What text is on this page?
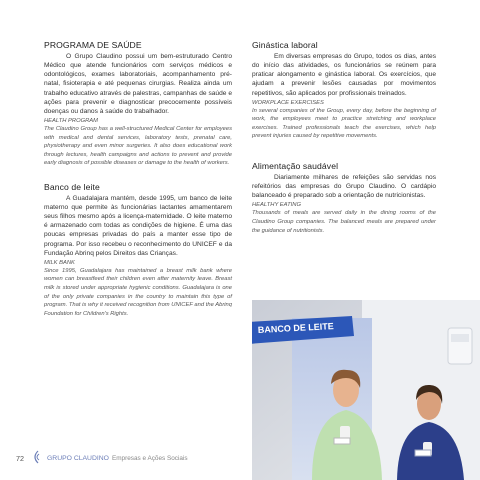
PROGRAMA DE SAÚDE

O Grupo Claudino possui um bem-estruturado Centro Médico que atende funcionários com serviços médicos e odontológicos, exames laboratoriais, acompanhamento pré-natal, fisioterapia e até pequenas cirurgias. Realiza ainda um trabalho educativo através de palestras, campanhas de saúde e ações para prevenir e diagnosticar precocemente possíveis doenças ou danos à saúde do trabalhador.

HEALTH PROGRAM

The Claudino Group has a well-structured Medical Center for employees with medical and dental services, laboratory tests, prenatal care, physiotherapy and even minor surgeries. It also does educational work through lectures, health campaigns and actions to prevent and provide early diagnosis of possible diseases or damage to the health of workers.

Banco de leite

A Guadalajara mantém, desde 1995, um banco de leite materno que permite às funcionárias lactantes amamentarem seus filhos mesmo após a licença-maternidade. O leite materno é armazenado com todas as condições de higiene. É uma das poucas empresas privadas do país a manter esse tipo de programa. Por isso recebeu o reconhecimento do UNICEF e da Fundação Abrinq pelos Direitos das Crianças.

MILK BANK

Since 1995, Guadalajara has maintained a breast milk bank where women can breastfeed their children even after maternity leave. Breast milk is stored under appropriate hygienic conditions. Guadalajara is one of the only private companies in the country to maintain this type of program. That is why it received recognition from UNICEF and the Abrinq Foundation for Children's Rights.

Ginástica laboral

Em diversas empresas do Grupo, todos os dias, antes do início das atividades, os funcionários se reúnem para praticar alongamento e ginástica laboral. Os exercícios, que ajudam a prevenir lesões causadas por movimentos repetitivos, são aplicados por profissionais treinados.

WORKPLACE EXERCISES

In several companies of the Group, every day, before the beginning of work, the employees meet to practice stretching and workplace exercises. Trained professionals teach the exercises, which help prevent injuries caused by repetitive movements.

Alimentação saudável

Diariamente milhares de refeições são servidas nos refeitórios das empresas do Grupo Claudino. O cardápio balanceado é preparado sob a orientação de nutricionistas.

HEALTHY EATING

Thousands of meals are served daily in the dining rooms of the Claudino Group companies. The balanced meals are prepared under the guidance of nutritionists.

BANCO DE LEITE
72	GRUPO CLAUDINO Empresas e Ações Sociais
